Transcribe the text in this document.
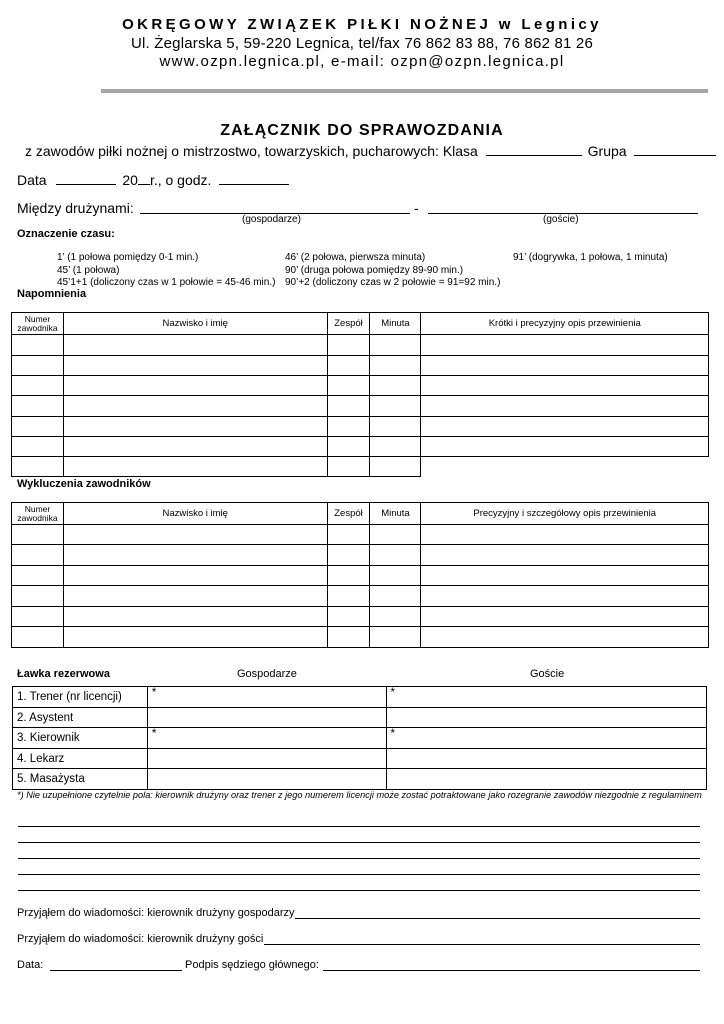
OKRĘGOWY ZWIĄZEK PIŁKI NOŻNEJ w Legnicy
Ul. Żeglarska 5, 59-220 Legnica, tel/fax 76 862 83 88, 76 862 81 26
www.ozpn.legnica.pl, e-mail: ozpn@ozpn.legnica.pl
ZAŁĄCZNIK DO SPRAWOZDANIA
z zawodów piłki nożnej o mistrzostwo, towarzyskich, pucharowych: Klasa	Grupa
Data	20 r., o godz.
Między drużynami:	-
(gospodarze)	(goście)
Oznaczenie czasu:
1’ (1 połowa pomiędzy 0-1 min.)
45’ (1 połowa)
45’1+1 (doliczony czas w 1 połowie = 45-46 min.)
46’ (2 połowa, pierwsza minuta)
90’ (druga połowa pomiędzy 89-90 min.)
90’+2 (doliczony czas w 2 połowie = 91=92 min.)
91’ (dogrywka, 1 połowa, 1 minuta)
Napomnienia
Numer zawodnika	Nazwisko i imię	Zespół	Minuta	Krótki i precyzyjny opis przewinienia

Wykluczenia zawodników
Numer zawodnika	Nazwisko i imię	Zespół	Minuta	Precyzyjny i szczegółowy opis przewinienia

Ławka rezerwowa	Gospodarze	Goście
1. Trener (nr licencji)	*	*
2. Asystent		
3. Kierownik	*	*
4. Lekarz		
5. Masażysta		
*) Nie uzupełnione czytelnie pola: kierownik drużyny oraz trener z jego numerem licencji może zostać potraktowane jako rozegranie zawodów niezgodnie z regulaminem
Przyjąłem do wiadomości: kierownik drużyny gospodarzy
Przyjąłem do wiadomości: kierownik drużyny gości
Data:	Podpis sędziego głównego:
